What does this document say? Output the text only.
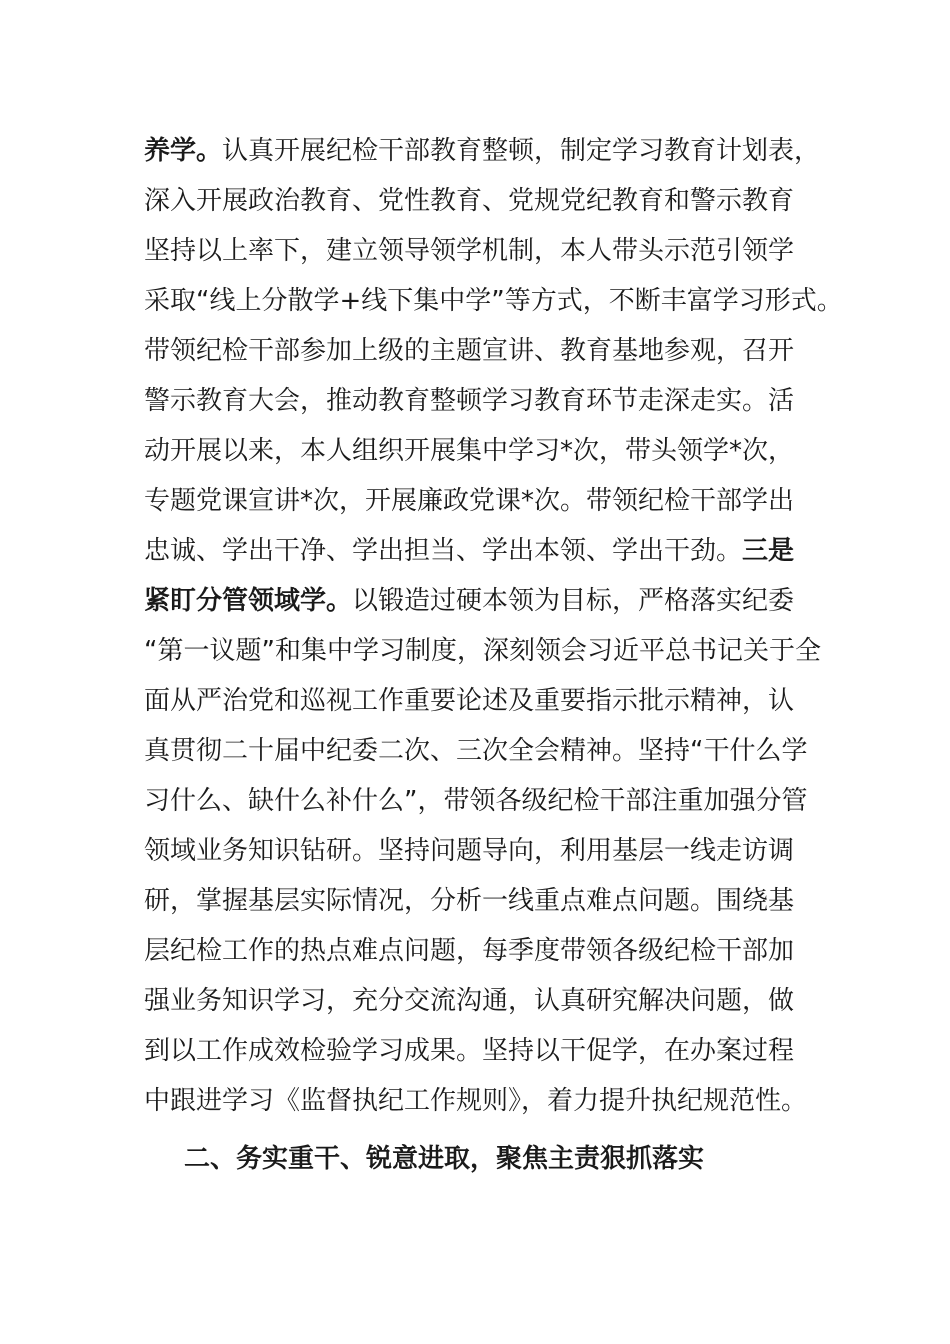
养学。认真开展纪检干部教育整顿，制定学习教育计划表，
深入开展政治教育、党性教育、党规党纪教育和警示教育
坚持以上率下，建立领导领学机制，本人带头示范引领学
采取“线上分散学+线下集中学”等方式，不断丰富学习形式。
带领纪检干部参加上级的主题宣讲、教育基地参观，召开
警示教育大会，推动教育整顿学习教育环节走深走实。活
动开展以来，本人组织开展集中学习*次，带头领学*次，
专题党课宣讲*次，开展廉政党课*次。带领纪检干部学出
忠诚、学出干净、学出担当、学出本领、学出干劲。三是
紧盯分管领域学。以锻造过硬本领为目标，严格落实纪委
“第一议题”和集中学习制度，深刻领会习近平总书记关于全
面从严治党和巡视工作重要论述及重要指示批示精神，认
真贯彻二十届中纪委二次、三次全会精神。坚持“干什么学
习什么、缺什么补什么”，带领各级纪检干部注重加强分管
领域业务知识钻研。坚持问题导向，利用基层一线走访调
研，掌握基层实际情况，分析一线重点难点问题。围绕基
层纪检工作的热点难点问题，每季度带领各级纪检干部加
强业务知识学习，充分交流沟通，认真研究解决问题，做
到以工作成效检验学习成果。坚持以干促学，在办案过程
中跟进学习《监督执纪工作规则》，着力提升执纪规范性。
二、务实重干、锐意进取，聚焦主责狠抓落实
